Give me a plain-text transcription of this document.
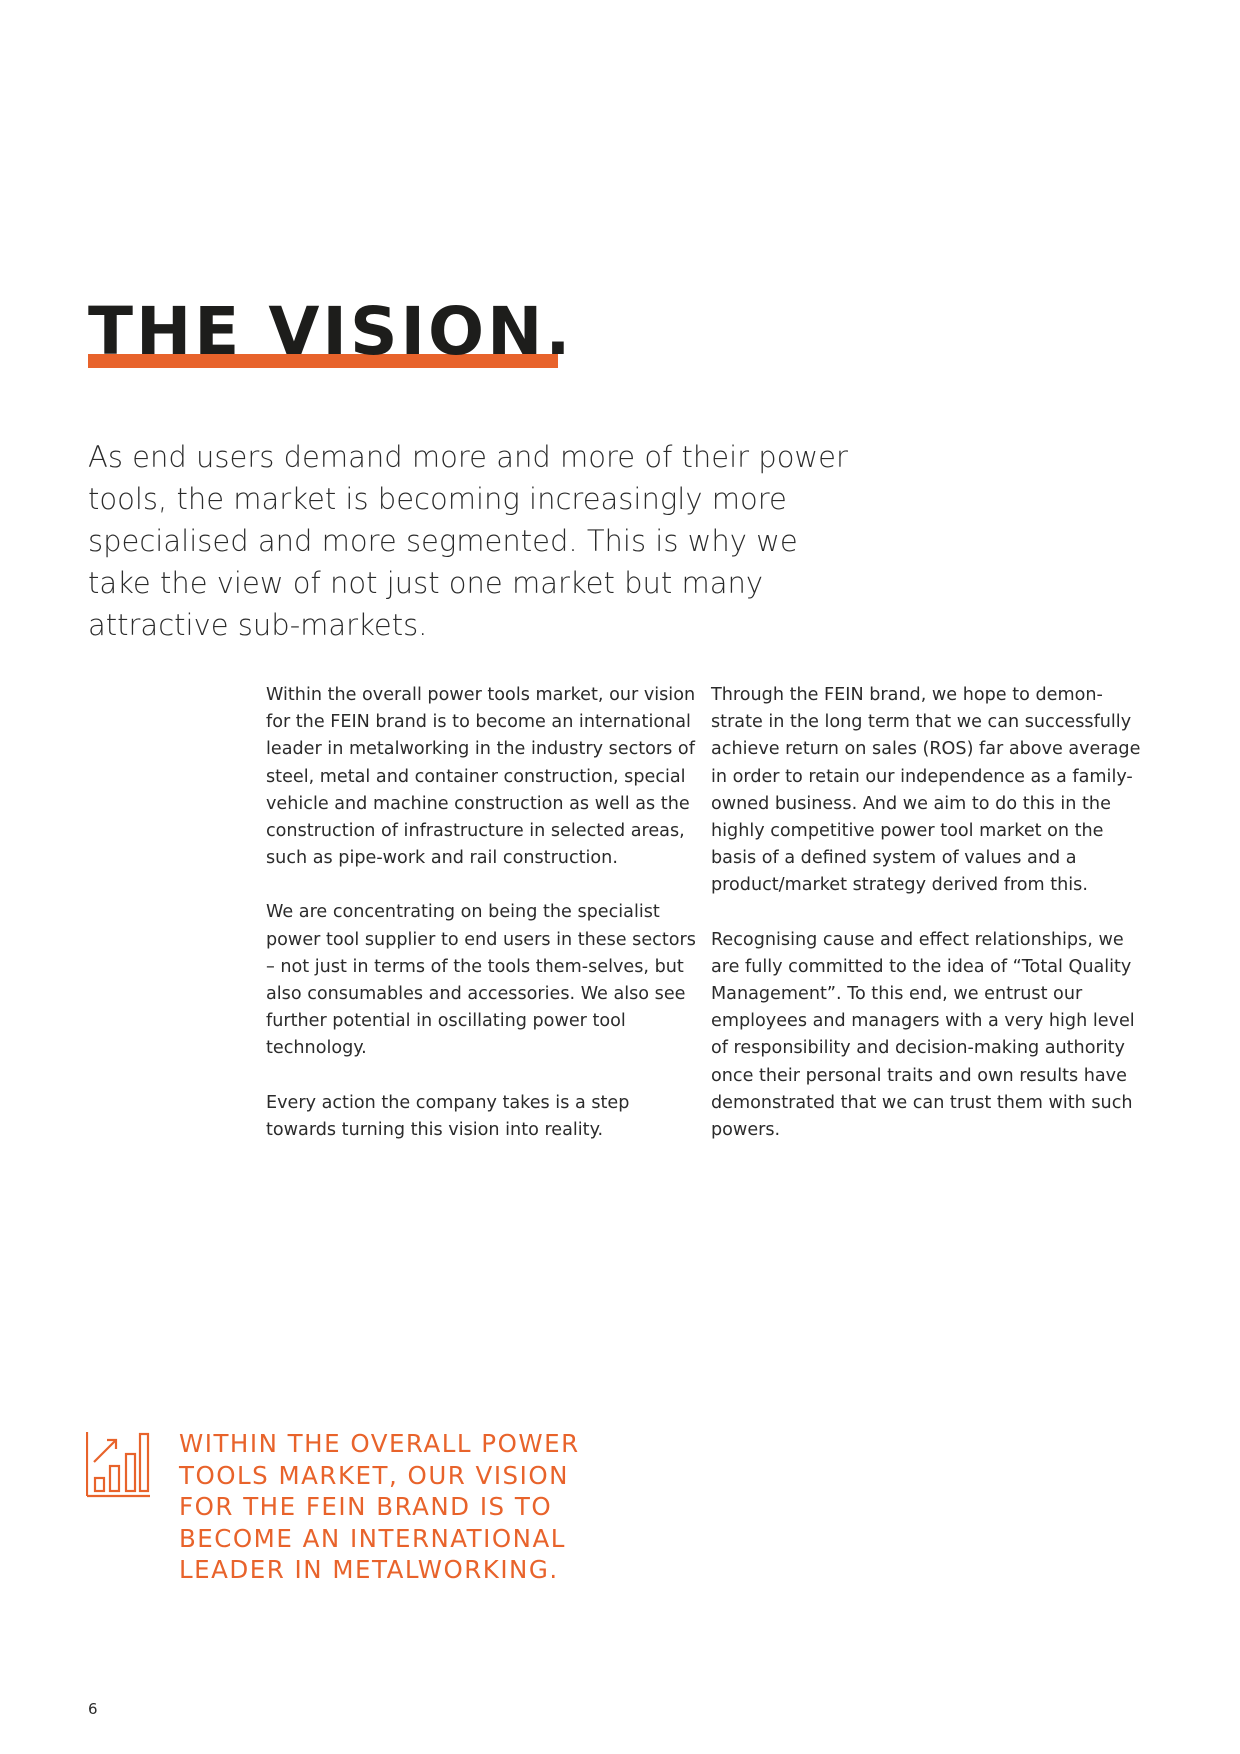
THE VISION.

As end users demand more and more of their power tools, the market is becoming increasingly more specialised and more segmented. This is why we take the view of not just one market but many attractive sub-markets.

Within the overall power tools market, our vision for the FEIN brand is to become an international leader in metalworking in the industry sectors of steel, metal and container construction, special vehicle and machine construction as well as the construction of infrastructure in selected areas, such as pipe-work and rail construction.

We are concentrating on being the specialist power tool supplier to end users in these sectors – not just in terms of the tools them-selves, but also consumables and accessories. We also see further potential in oscillating power tool technology.

Every action the company takes is a step towards turning this vision into reality.

Through the FEIN brand, we hope to demon-strate in the long term that we can successfully achieve return on sales (ROS) far above average in order to retain our independence as a family-owned business. And we aim to do this in the highly competitive power tool market on the basis of a defined system of values and a product/market strategy derived from this.

Recognising cause and effect relationships, we are fully committed to the idea of “Total Quality Management”. To this end, we entrust our employees and managers with a very high level of responsibility and decision-making authority once their personal traits and own results have demonstrated that we can trust them with such powers.

WITHIN THE OVERALL POWER TOOLS MARKET, OUR VISION FOR THE FEIN BRAND IS TO BECOME AN INTERNATIONAL LEADER IN METALWORKING.

6
